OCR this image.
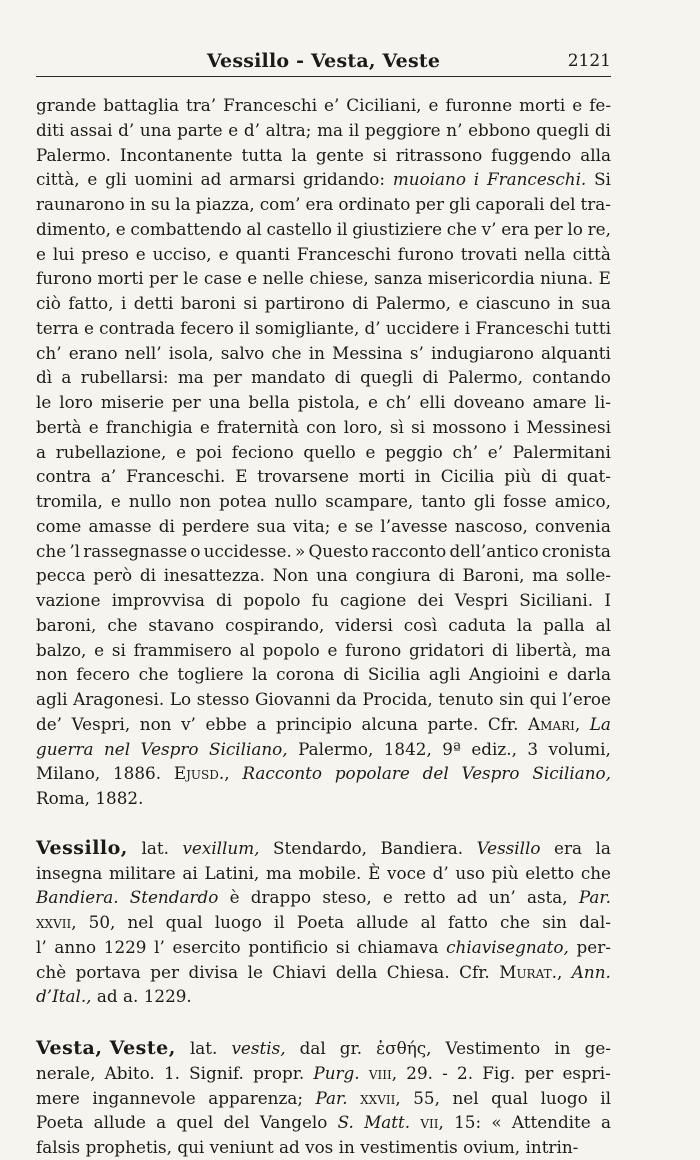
Vessillo - Vesta, Veste	2121
grande battaglia tra’ Franceschi e’ Ciciliani, e furonne morti e fe-
diti assai d’ una parte e d’ altra; ma il peggiore n’ ebbono quegli di
Palermo. Incontanente tutta la gente si ritrassono fuggendo alla
città, e gli uomini ad armarsi gridando: muoiano i Franceschi. Si
raunarono in su la piazza, com’ era ordinato per gli caporali del tra-
dimento, e combattendo al castello il giustiziere che v’ era per lo re,
e lui preso e ucciso, e quanti Franceschi furono trovati nella città
furono morti per le case e nelle chiese, sanza misericordia niuna. E
ciò fatto, i detti baroni si partirono di Palermo, e ciascuno in sua
terra e contrada fecero il somigliante, d’ uccidere i Franceschi tutti
ch’ erano nell’ isola, salvo che in Messina s’ indugiarono alquanti
dì a rubellarsi: ma per mandato di quegli di Palermo, contando
le loro miserie per una bella pistola, e ch’ elli doveano amare li-
bertà e franchigia e fraternità con loro, sì si mossono i Messinesi
a rubellazione, e poi feciono quello e peggio ch’ e’ Palermitani
contra a’ Franceschi. E trovarsene morti in Cicilia più di quat-
tromila, e nullo non potea nullo scampare, tanto gli fosse amico,
come amasse di perdere sua vita; e se l’avesse nascoso, convenia
che ’l rassegnasse o uccidesse. » Questo racconto dell’antico cronista
pecca però di inesattezza. Non una congiura di Baroni, ma solle-
vazione improvvisa di popolo fu cagione dei Vespri Siciliani. I
baroni, che stavano cospirando, vidersi così caduta la palla al
balzo, e si frammisero al popolo e furono gridatori di libertà, ma
non fecero che togliere la corona di Sicilia agli Angioini e darla
agli Aragonesi. Lo stesso Giovanni da Procida, tenuto sin qui l’eroe
de’ Vespri, non v’ ebbe a principio alcuna parte. Cfr. Amari, La
guerra nel Vespro Siciliano, Palermo, 1842, 9ª ediz., 3 volumi,
Milano, 1886. Ejusd., Racconto popolare del Vespro Siciliano,
Roma, 1882.
Vessillo, lat. vexillum, Stendardo, Bandiera. Vessillo era la
insegna militare ai Latini, ma mobile. È voce d’ uso più eletto che
Bandiera. Stendardo è drappo steso, e retto ad un’ asta, Par.
xxvii, 50, nel qual luogo il Poeta allude al fatto che sin dal-
l’ anno 1229 l’ esercito pontificio si chiamava chiavisegnato, per-
chè portava per divisa le Chiavi della Chiesa. Cfr. Murat., Ann.
d’Ital., ad a. 1229.
Vesta, Veste, lat. vestis, dal gr. ἐσθής, Vestimento in ge-
nerale, Abito. 1. Signif. propr. Purg. viii, 29. - 2. Fig. per espri-
mere ingannevole apparenza; Par. xxvii, 55, nel qual luogo il
Poeta allude a quel del Vangelo S. Matt. vii, 15: « Attendite a
falsis prophetis, qui veniunt ad vos in vestimentis ovium, intrin-
